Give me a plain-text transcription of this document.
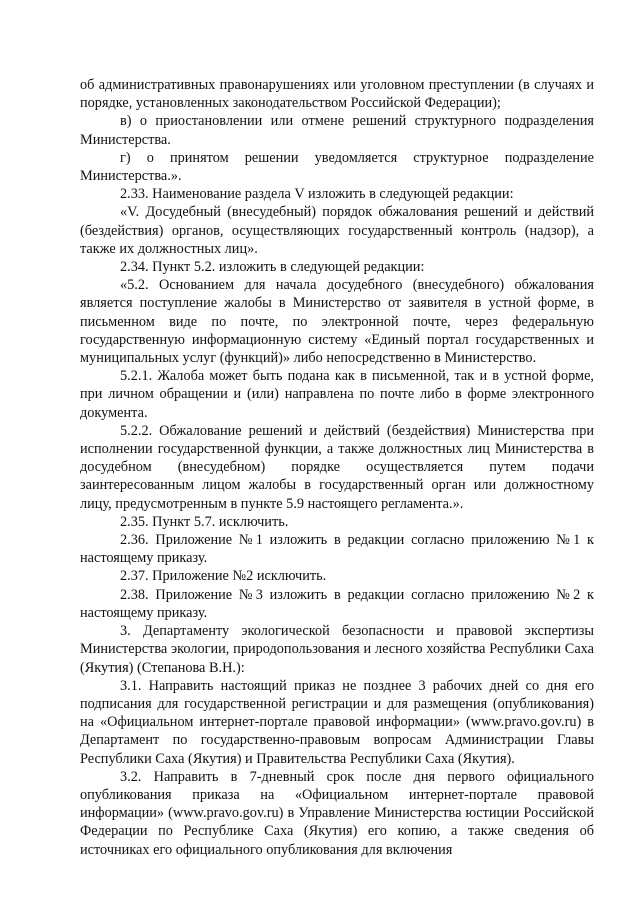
об административных правонарушениях или уголовном преступлении (в случаях и порядке, установленных законодательством Российской Федерации);

в) о приостановлении или отмене решений структурного подразделения Министерства.

г) о принятом решении уведомляется структурное подразделение Министерства.».

2.33. Наименование раздела V изложить в следующей редакции:

«V. Досудебный (внесудебный) порядок обжалования решений и действий (бездействия) органов, осуществляющих государственный контроль (надзор), а также их должностных лиц».

2.34. Пункт 5.2. изложить в следующей редакции:

«5.2. Основанием для начала досудебного (внесудебного) обжалования является поступление жалобы в Министерство от заявителя в устной форме, в письменном виде по почте, по электронной почте, через федеральную государственную информационную систему «Единый портал государственных и муниципальных услуг (функций)» либо непосредственно в Министерство.

5.2.1. Жалоба может быть подана как в письменной, так и в устной форме, при личном обращении и (или) направлена по почте либо в форме электронного документа.

5.2.2. Обжалование решений и действий (бездействия) Министерства при исполнении государственной функции, а также должностных лиц Министерства в досудебном (внесудебном) порядке осуществляется путем подачи заинтересованным лицом жалобы в государственный орган или должностному лицу, предусмотренным в пункте 5.9 настоящего регламента.».

2.35. Пункт 5.7. исключить.

2.36. Приложение №1 изложить в редакции согласно приложению №1 к настоящему приказу.

2.37. Приложение №2 исключить.

2.38. Приложение №3 изложить в редакции согласно приложению №2 к настоящему приказу.

3. Департаменту экологической безопасности и правовой экспертизы Министерства экологии, природопользования и лесного хозяйства Республики Саха (Якутия) (Степанова В.Н.):

3.1. Направить настоящий приказ не позднее 3 рабочих дней со дня его подписания для государственной регистрации и для размещения (опубликования) на «Официальном интернет-портале правовой информации» (www.pravo.gov.ru) в Департамент по государственно-правовым вопросам Администрации Главы Республики Саха (Якутия) и Правительства Республики Саха (Якутия).

3.2. Направить в 7-дневный срок после дня первого официального опубликования приказа на «Официальном интернет-портале правовой информации» (www.pravo.gov.ru) в Управление Министерства юстиции Российской Федерации по Республике Саха (Якутия) его копию, а также сведения об источниках его официального опубликования для включения
